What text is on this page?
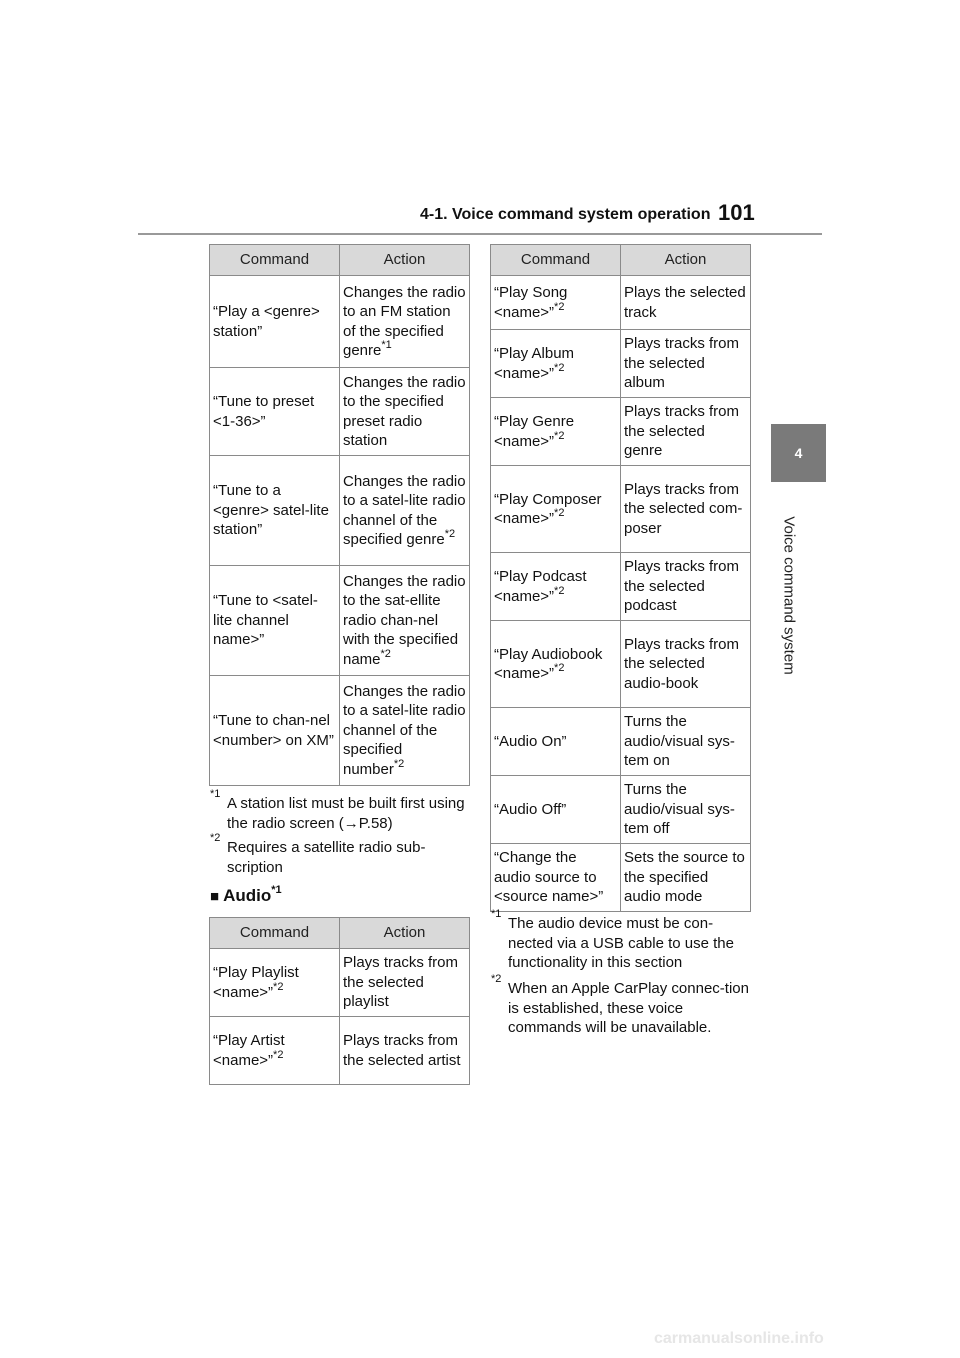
4-1. Voice command system operation 101
4
Voice command system
Command	Action
“Play a <genre> station”	Changes the radio to an FM station of the specified genre$^{*1}$
“Tune to preset <1-36>”	Changes the radio to the specified preset radio station
“Tune to a <genre> satel-lite station”	Changes the radio to a satel-lite radio channel of the specified genre$^{*2}$
“Tune to <satel-lite channel name>”	Changes the radio to the sat-ellite radio chan-nel with the specified name$^{*2}$
“Tune to chan-nel <number> on XM”	Changes the radio to a satel-lite radio channel of the specified number$^{*2}$
*1
A station list must be built first using the radio screen (→P.58)
*2
Requires a satellite radio sub-scription
■ Audio$^{*1}$
Command	Action
“Play Playlist <name>”$^{*2}$	Plays tracks from the selected playlist
“Play Artist <name>”$^{*2}$	Plays tracks from the selected artist
Command	Action
“Play Song <name>”$^{*2}$	Plays the selected track
“Play Album <name>”$^{*2}$	Plays tracks from the selected album
“Play Genre <name>”$^{*2}$	Plays tracks from the selected genre
“Play Composer <name>”$^{*2}$	Plays tracks from the selected com-poser
“Play Podcast <name>”$^{*2}$	Plays tracks from the selected podcast
“Play Audiobook <name>”$^{*2}$	Plays tracks from the selected audio-book
“Audio On”	Turns the audio/visual sys-tem on
“Audio Off”	Turns the audio/visual sys-tem off
“Change the audio source to <source name>”	Sets the source to the specified audio mode
*1
The audio device must be con-nected via a USB cable to use the functionality in this section
*2
When an Apple CarPlay connec-tion is established, these voice commands will be unavailable.
carmanualsonline.info
